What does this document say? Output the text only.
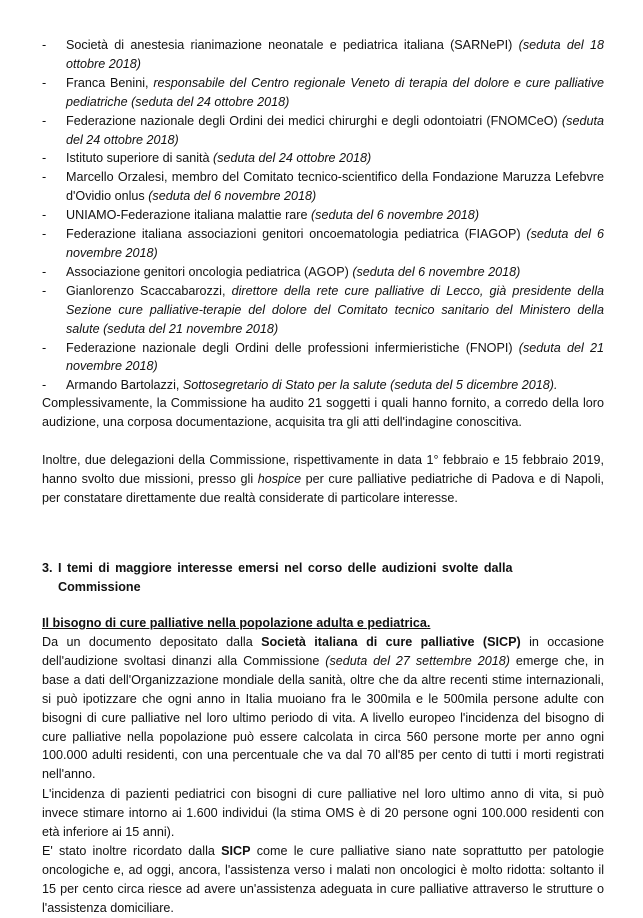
- Società di anestesia rianimazione neonatale e pediatrica italiana (SARNePI) (seduta del 18 ottobre 2018)
- Franca Benini, responsabile del Centro regionale Veneto di terapia del dolore e cure palliative pediatriche (seduta del 24 ottobre 2018)
- Federazione nazionale degli Ordini dei medici chirurghi e degli odontoiatri (FNOMCeO) (seduta del 24 ottobre 2018)
- Istituto superiore di sanità (seduta del 24 ottobre 2018)
- Marcello Orzalesi, membro del Comitato tecnico-scientifico della Fondazione Maruzza Lefebvre d'Ovidio onlus (seduta del 6 novembre 2018)
- UNIAMO-Federazione italiana malattie rare (seduta del 6 novembre 2018)
- Federazione italiana associazioni genitori oncoematologia pediatrica (FIAGOP) (seduta del 6 novembre 2018)
- Associazione genitori oncologia pediatrica (AGOP) (seduta del 6 novembre 2018)
- Gianlorenzo Scaccabarozzi, direttore della rete cure palliative di Lecco, già presidente della Sezione cure palliative-terapie del dolore del Comitato tecnico sanitario del Ministero della salute (seduta del 21 novembre 2018)
- Federazione nazionale degli Ordini delle professioni infermieristiche (FNOPI) (seduta del 21 novembre 2018)
- Armando Bartolazzi, Sottosegretario di Stato per la salute (seduta del 5 dicembre 2018).

Complessivamente, la Commissione ha audito 21 soggetti i quali hanno fornito, a corredo della loro audizione, una corposa documentazione, acquisita tra gli atti dell'indagine conoscitiva.

Inoltre, due delegazioni della Commissione, rispettivamente in data 1° febbraio e 15 febbraio 2019, hanno svolto due missioni, presso gli hospice per cure palliative pediatriche di Padova e di Napoli, per constatare direttamente due realtà considerate di particolare interesse.

3. I temi di maggiore interesse emersi nel corso delle audizioni svolte dalla
Commissione
Il bisogno di cure palliative nella popolazione adulta e pediatrica.

Da un documento depositato dalla Società italiana di cure palliative (SICP) in occasione dell'audizione svoltasi dinanzi alla Commissione (seduta del 27 settembre 2018) emerge che, in base a dati dell'Organizzazione mondiale della sanità, oltre che da altre recenti stime internazionali, si può ipotizzare che ogni anno in Italia muoiano fra le 300mila e le 500mila persone adulte con bisogni di cure palliative nel loro ultimo periodo di vita. A livello europeo l'incidenza del bisogno di cure palliative nella popolazione può essere calcolata in circa 560 persone morte per anno ogni 100.000 adulti residenti, con una percentuale che va dal 70 all'85 per cento di tutti i morti registrati nell'anno.

L'incidenza di pazienti pediatrici con bisogni di cure palliative nel loro ultimo anno di vita, si può invece stimare intorno ai 1.600 individui (la stima OMS è di 20 persone ogni 100.000 residenti con età inferiore ai 15 anni).

E' stato inoltre ricordato dalla SICP come le cure palliative siano nate soprattutto per patologie oncologiche e, ad oggi, ancora, l'assistenza verso i malati non oncologici è molto ridotta: soltanto il 15 per cento circa riesce ad avere un'assistenza adeguata in cure palliative attraverso le strutture o l'assistenza domiciliare.
